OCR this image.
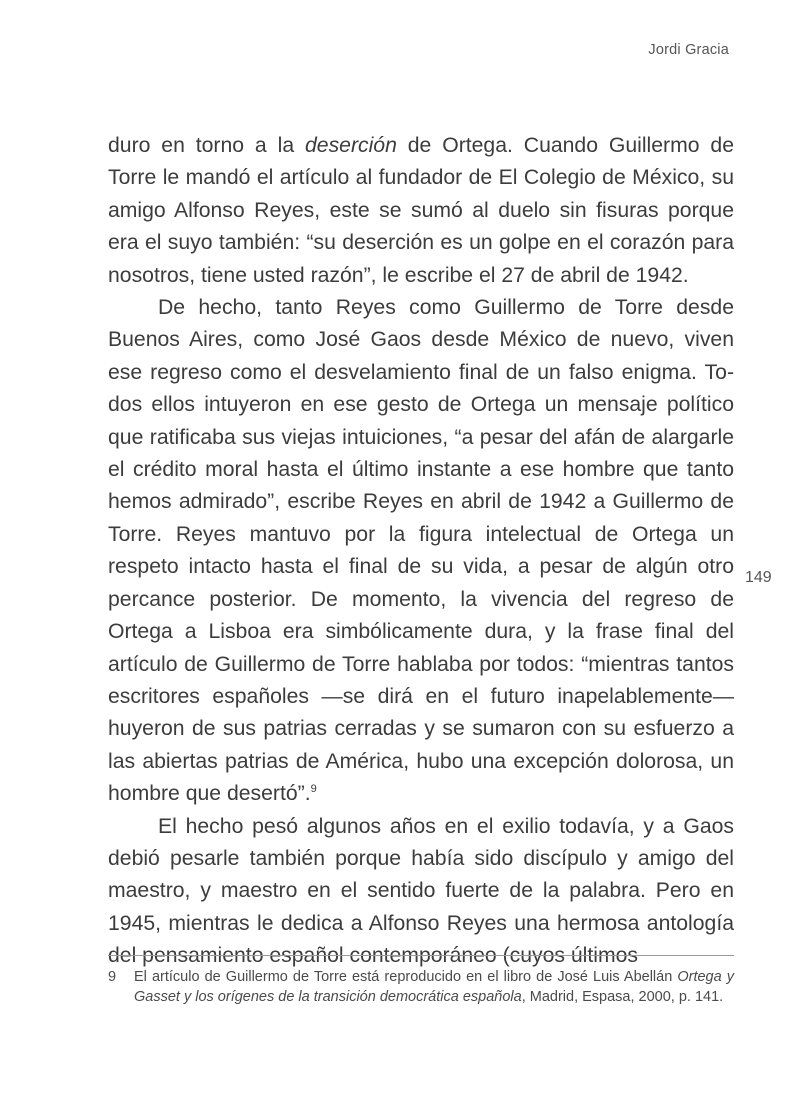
Jordi Gracia
149

duro en torno a la deserción de Ortega. Cuando Guillermo de Torre le mandó el artículo al fundador de El Colegio de México, su amigo Alfonso Reyes, este se sumó al duelo sin fisuras porque era el suyo también: “su deserción es un golpe en el corazón para nosotros, tiene usted razón”, le escribe el 27 de abril de 1942.

De hecho, tanto Reyes como Guillermo de Torre desde Buenos Aires, como José Gaos desde México de nuevo, viven ese regreso como el desvelamiento final de un falso enigma. Todos ellos intuyeron en ese gesto de Ortega un mensaje político que ratificaba sus viejas intuiciones, “a pesar del afán de alargarle el crédito moral hasta el último instante a ese hombre que tanto hemos admirado”, escribe Reyes en abril de 1942 a Guillermo de Torre. Reyes mantuvo por la figura intelectual de Ortega un respeto intacto hasta el final de su vida, a pesar de algún otro percance posterior. De momento, la vivencia del regreso de Ortega a Lisboa era simbólicamente dura, y la frase final del artículo de Guillermo de Torre hablaba por todos: “mientras tantos escritores españoles —se dirá en el futuro inapelablemente— huyeron de sus patrias cerradas y se sumaron con su esfuerzo a las abiertas patrias de América, hubo una excepción dolorosa, un hombre que desertó”.$^9$

El hecho pesó algunos años en el exilio todavía, y a Gaos debió pesarle también porque había sido discípulo y amigo del maestro, y maestro en el sentido fuerte de la palabra. Pero en 1945, mientras le dedica a Alfonso Reyes una hermosa antología del pensamiento español contemporáneo (cuyos últimos

9	El artículo de Guillermo de Torre está reproducido en el libro de José Luis Abellán Ortega y Gasset y los orígenes de la transición democrática española, Madrid, Espasa, 2000, p. 141.
